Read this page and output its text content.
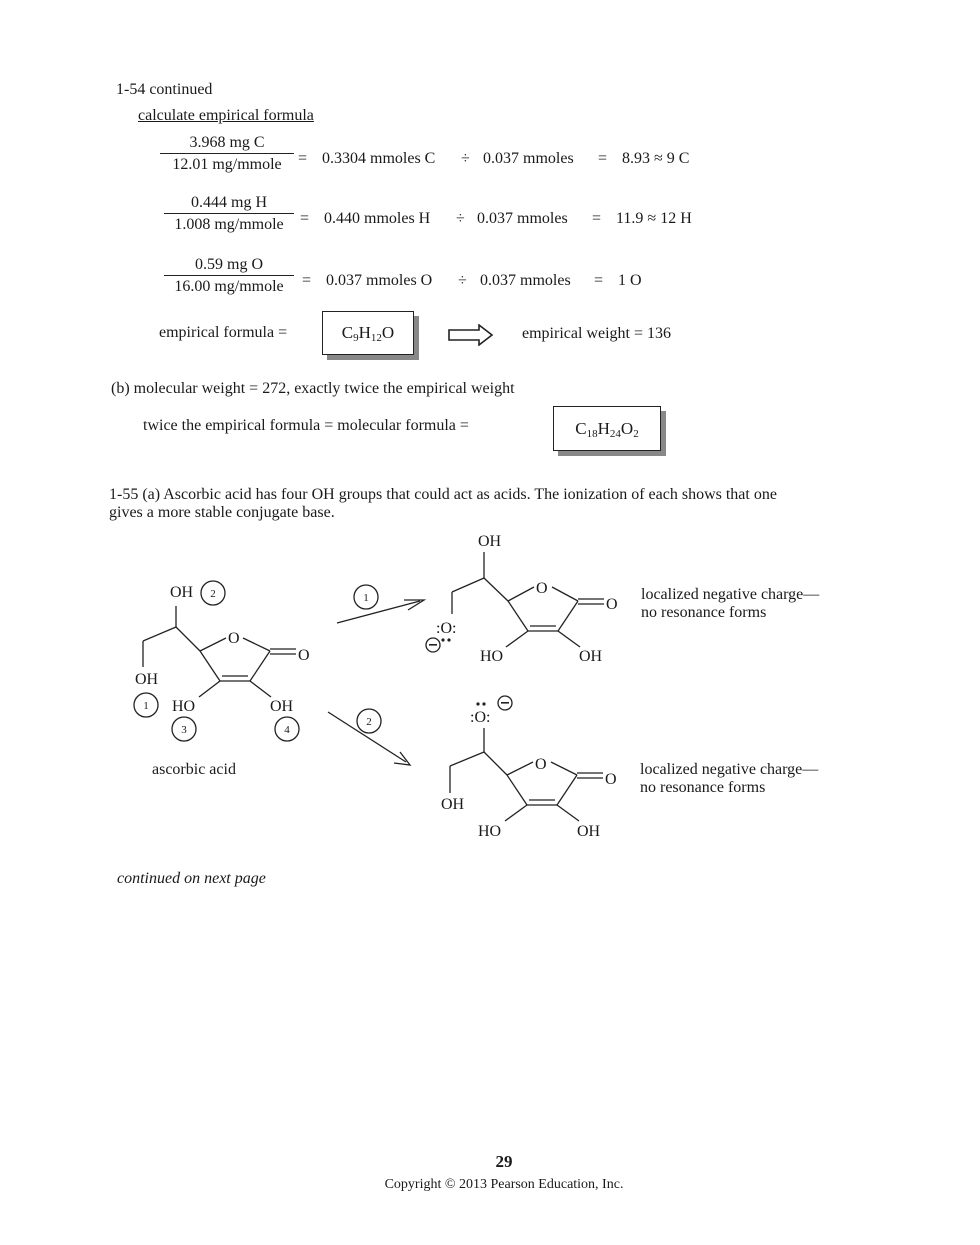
1-54 continued
calculate empirical formula
3.968 mg C
12.01 mg/mmole	= 0.3304 mmoles C ÷ 0.037 mmoles = 8.93 ≈ 9 C
0.444 mg H
1.008 mg/mmole	= 0.440 mmoles H ÷ 0.037 mmoles = 11.9 ≈ 12 H
0.59 mg O
16.00 mg/mmole	= 0.037 mmoles O ÷ 0.037 mmoles = 1 O
empirical formula =	$C_9H_{12}O$	empirical weight = 136
(b) molecular weight = 272, exactly twice the empirical weight
twice the empirical formula = molecular formula =	$C_{18}H_{24}O_2$
1-55 (a) Ascorbic acid has four OH groups that could act as acids. The ionization of each shows that one
gives a more stable conjugate base.
OH
O
O
OH
HO	OH
ascorbic acid
OH
O
O
:O:
HO	OH
:O:
O
O
OH
HO	OH
2
1
3	4
1
2
localized negative charge—
no resonance forms
localized negative charge—
no resonance forms
continued on next page
29
Copyright © 2013 Pearson Education, Inc.
